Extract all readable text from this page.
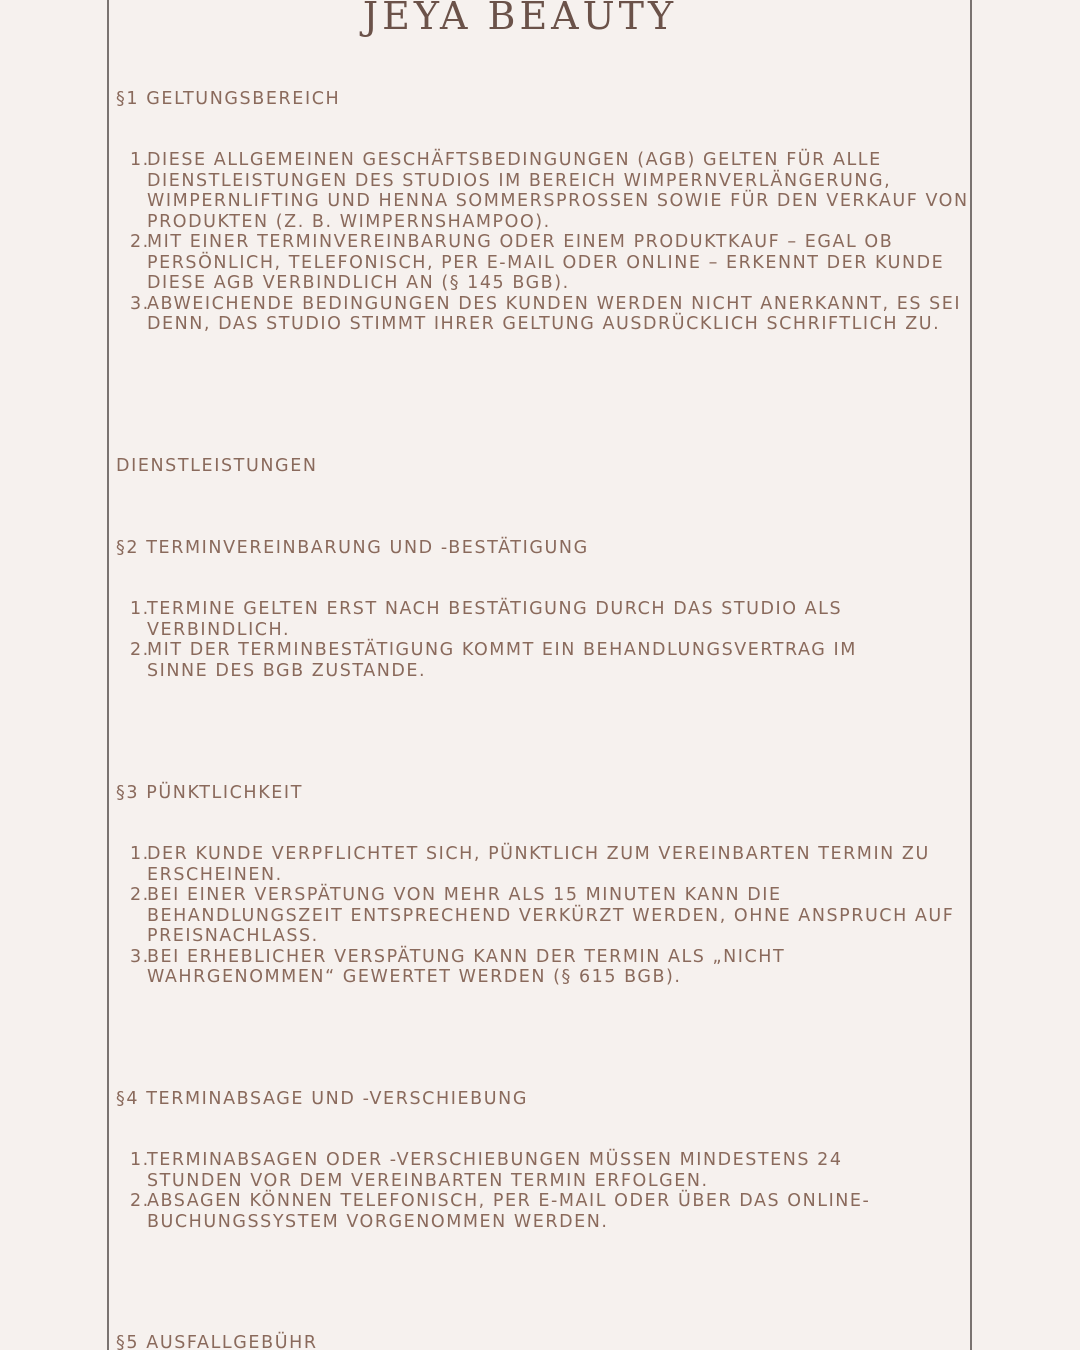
JEYA BEAUTY
§1 GELTUNGSBEREICH
1.
DIESE ALLGEMEINEN GESCHÄFTSBEDINGUNGEN (AGB) GELTEN FÜR ALLE DIENSTLEISTUNGEN DES STUDIOS IM BEREICH WIMPERNVERLÄNGERUNG, WIMPERNLIFTING UND HENNA SOMMERSPROSSEN SOWIE FÜR DEN VERKAUF VON PRODUKTEN (Z. B. WIMPERNSHAMPOO).
2.
MIT EINER TERMINVEREINBARUNG ODER EINEM PRODUKTKAUF – EGAL OB PERSÖNLICH, TELEFONISCH, PER E-MAIL ODER ONLINE – ERKENNT DER KUNDE DIESE AGB VERBINDLICH AN (§ 145 BGB).
3.
ABWEICHENDE BEDINGUNGEN DES KUNDEN WERDEN NICHT ANERKANNT, ES SEI DENN, DAS STUDIO STIMMT IHRER GELTUNG AUSDRÜCKLICH SCHRIFTLICH ZU.
DIENSTLEISTUNGEN
§2 TERMINVEREINBARUNG UND -BESTÄTIGUNG
1.
TERMINE GELTEN ERST NACH BESTÄTIGUNG DURCH DAS STUDIO ALS VERBINDLICH.
2.
MIT DER TERMINBESTÄTIGUNG KOMMT EIN BEHANDLUNGSVERTRAG IM SINNE DES BGB ZUSTANDE.
§3 PÜNKTLICHKEIT
1.
DER KUNDE VERPFLICHTET SICH, PÜNKTLICH ZUM VEREINBARTEN TERMIN ZU ERSCHEINEN.
2.
BEI EINER VERSPÄTUNG VON MEHR ALS 15 MINUTEN KANN DIE BEHANDLUNGSZEIT ENTSPRECHEND VERKÜRZT WERDEN, OHNE ANSPRUCH AUF PREISNACHLASS.
3.
BEI ERHEBLICHER VERSPÄTUNG KANN DER TERMIN ALS „NICHT WAHRGENOMMEN“ GEWERTET WERDEN (§ 615 BGB).
§4 TERMINABSAGE UND -VERSCHIEBUNG
1.
TERMINABSAGEN ODER -VERSCHIEBUNGEN MÜSSEN MINDESTENS 24 STUNDEN VOR DEM VEREINBARTEN TERMIN ERFOLGEN.
2.
ABSAGEN KÖNNEN TELEFONISCH, PER E-MAIL ODER ÜBER DAS ONLINE-BUCHUNGSSYSTEM VORGENOMMEN WERDEN.
§5 AUSFALLGEBÜHR
